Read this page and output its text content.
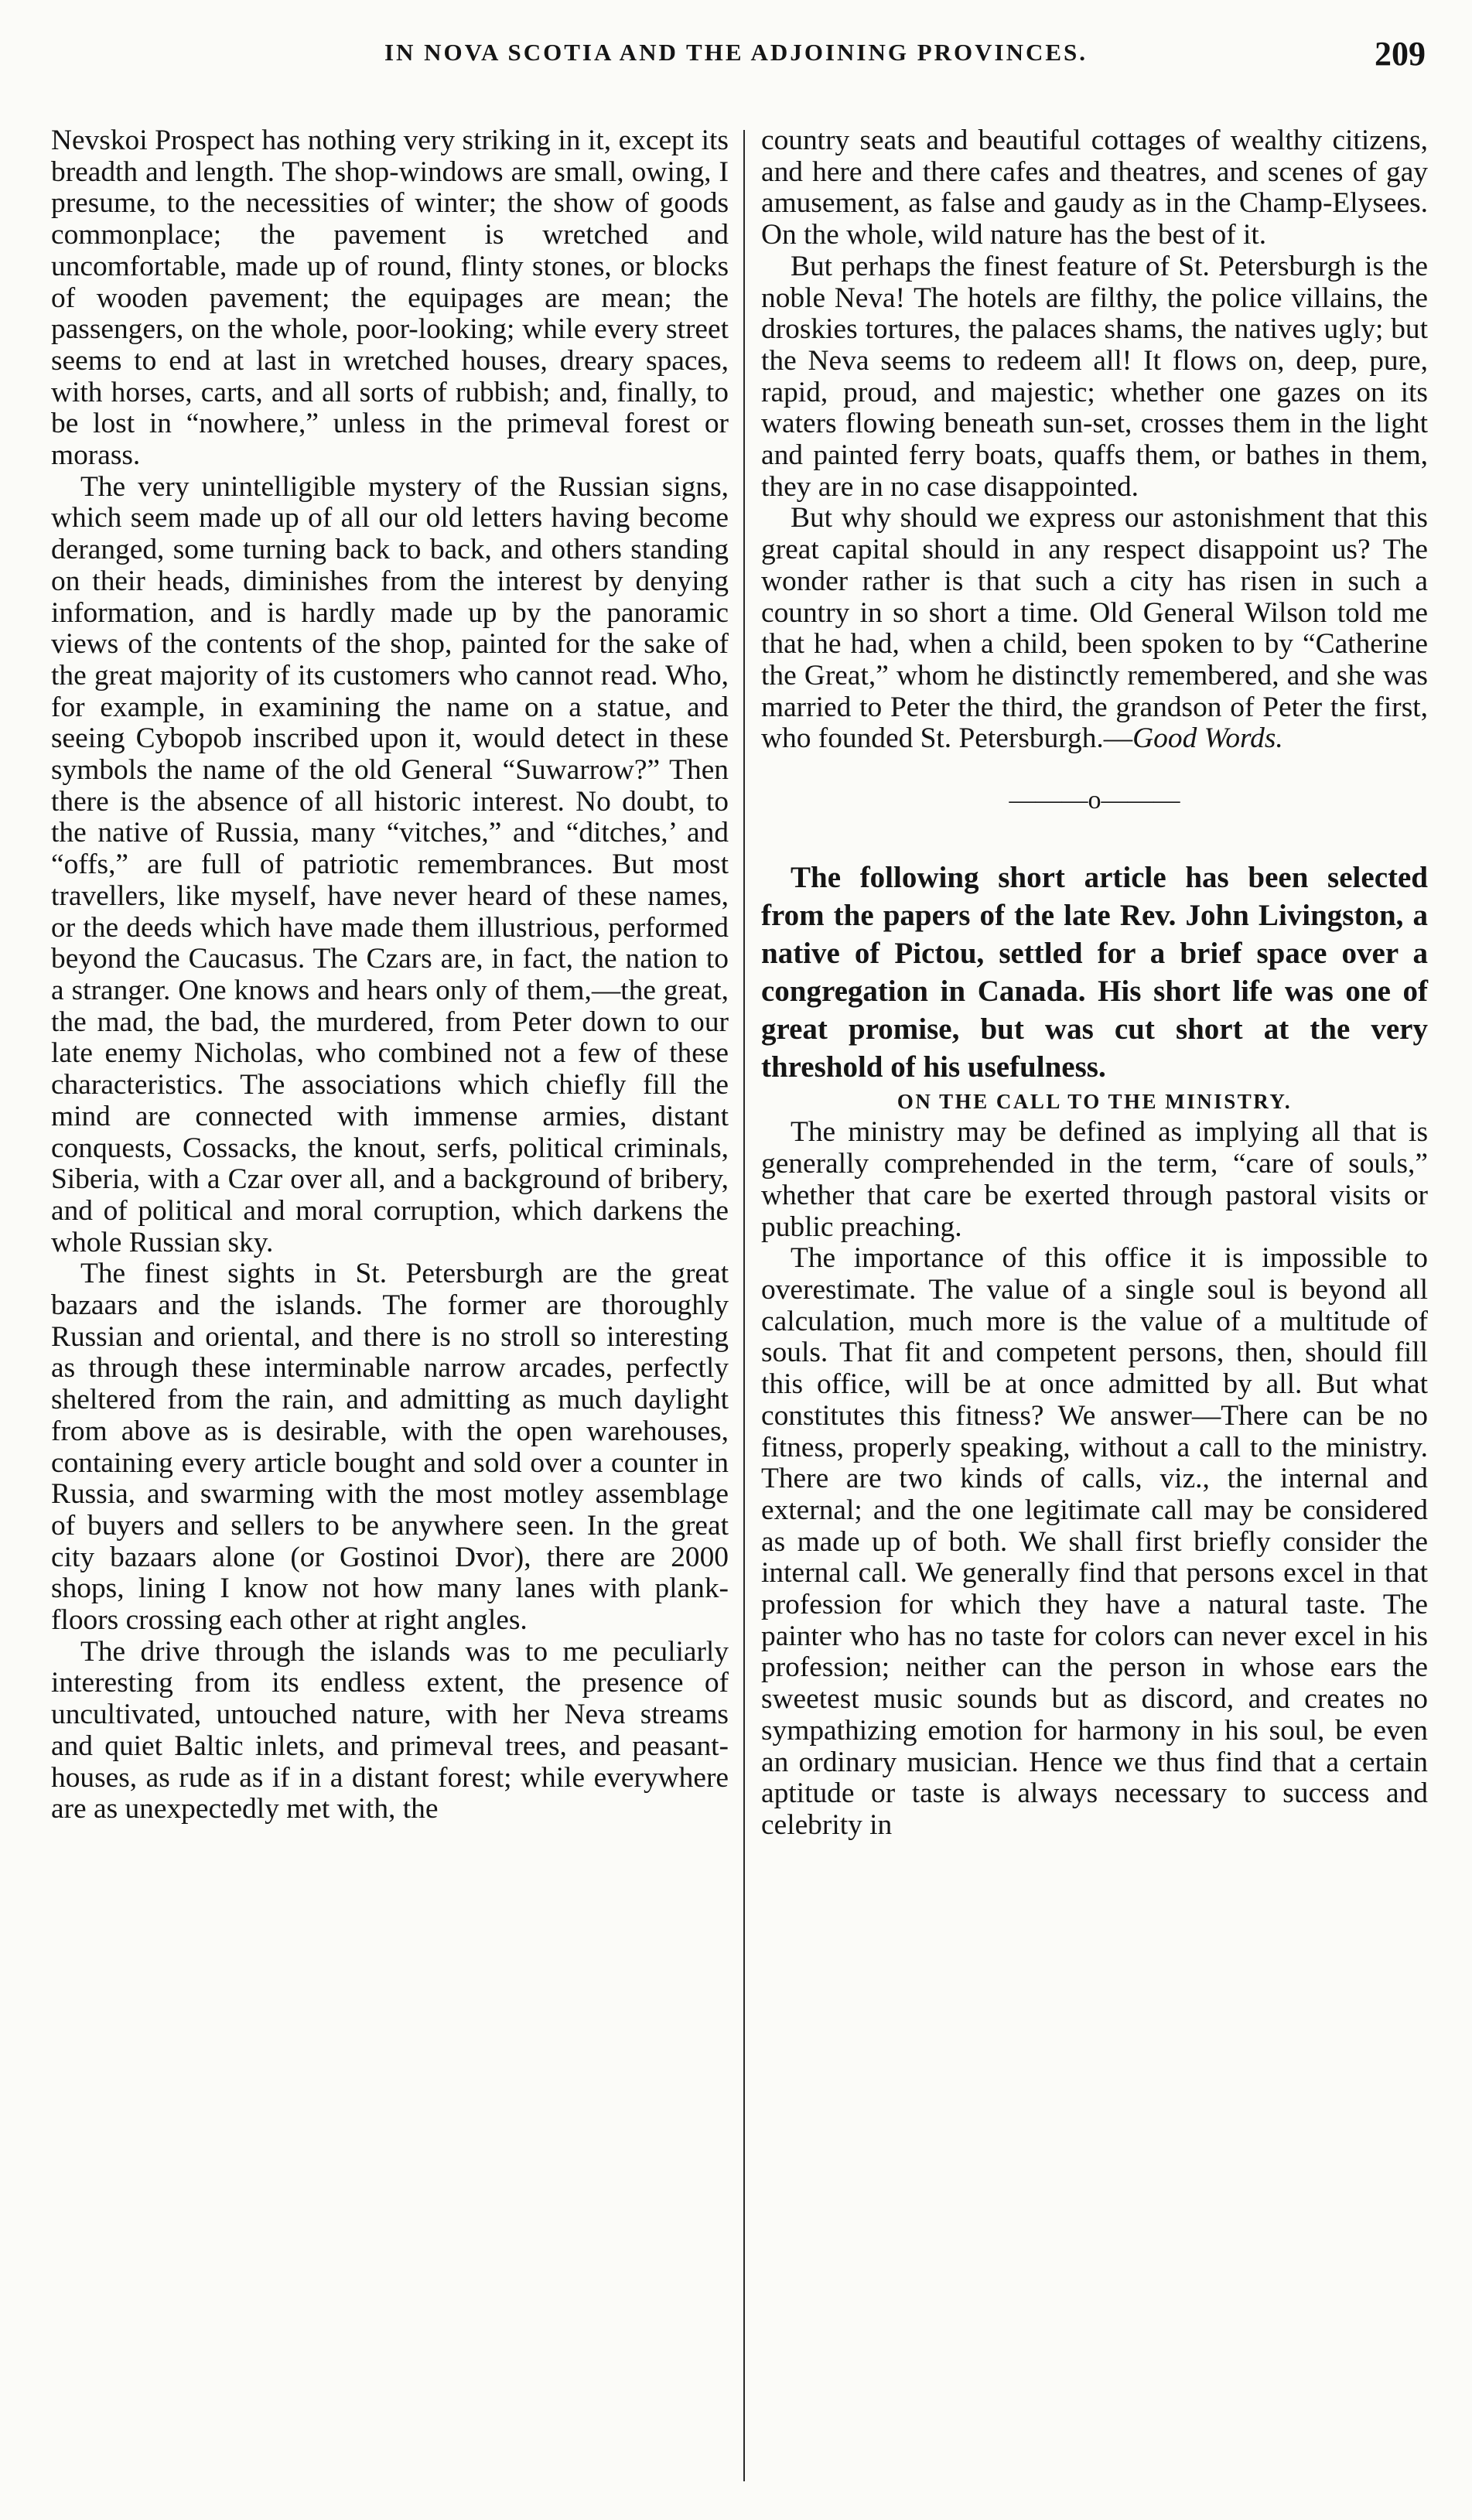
IN NOVA SCOTIA AND THE ADJOINING PROVINCES.	209

Nevskoi Prospect has nothing very striking in it, except its breadth and length. The shop-windows are small, owing, I presume, to the necessities of winter; the show of goods commonplace; the pavement is wretched and uncomfortable, made up of round, flinty stones, or blocks of wooden pavement; the equipages are mean; the passengers, on the whole, poor-looking; while every street seems to end at last in wretched houses, dreary spaces, with horses, carts, and all sorts of rubbish; and, finally, to be lost in “nowhere,” unless in the primeval forest or morass.

The very unintelligible mystery of the Russian signs, which seem made up of all our old letters having become deranged, some turning back to back, and others standing on their heads, diminishes from the interest by denying information, and is hardly made up by the panoramic views of the contents of the shop, painted for the sake of the great majority of its customers who cannot read. Who, for example, in examining the name on a statue, and seeing Cybopob inscribed upon it, would detect in these symbols the name of the old General “Suwarrow?” Then there is the absence of all historic interest. No doubt, to the native of Russia, many “vitches,” and “ditches,’ and “offs,” are full of patriotic remembrances. But most travellers, like myself, have never heard of these names, or the deeds which have made them illustrious, performed beyond the Caucasus. The Czars are, in fact, the nation to a stranger. One knows and hears only of them,—the great, the mad, the bad, the murdered, from Peter down to our late enemy Nicholas, who combined not a few of these characteristics. The associations which chiefly fill the mind are connected with immense armies, distant conquests, Cossacks, the knout, serfs, political criminals, Siberia, with a Czar over all, and a background of bribery, and of political and moral corruption, which darkens the whole Russian sky.

The finest sights in St. Petersburgh are the great bazaars and the islands. The former are thoroughly Russian and oriental, and there is no stroll so interesting as through these interminable narrow arcades, perfectly sheltered from the rain, and admitting as much daylight from above as is desirable, with the open warehouses, containing every article bought and sold over a counter in Russia, and swarming with the most motley assemblage of buyers and sellers to be anywhere seen. In the great city bazaars alone (or Gostinoi Dvor), there are 2000 shops, lining I know not how many lanes with plank-floors crossing each other at right angles.

The drive through the islands was to me peculiarly interesting from its endless extent, the presence of uncultivated, untouched nature, with her Neva streams and quiet Baltic inlets, and primeval trees, and peasant-houses, as rude as if in a distant forest; while everywhere are as unexpectedly met with, the

country seats and beautiful cottages of wealthy citizens, and here and there cafes and theatres, and scenes of gay amusement, as false and gaudy as in the Champ-Elysees. On the whole, wild nature has the best of it.

But perhaps the finest feature of St. Petersburgh is the noble Neva! The hotels are filthy, the police villains, the droskies tortures, the palaces shams, the natives ugly; but the Neva seems to redeem all! It flows on, deep, pure, rapid, proud, and majestic; whether one gazes on its waters flowing beneath sun-set, crosses them in the light and painted ferry boats, quaffs them, or bathes in them, they are in no case disappointed.

But why should we express our astonishment that this great capital should in any respect disappoint us? The wonder rather is that such a city has risen in such a country in so short a time. Old General Wilson told me that he had, when a child, been spoken to by “Catherine the Great,” whom he distinctly remembered, and she was married to Peter the third, the grandson of Peter the first, who founded St. Petersburgh.—Good Words.

———o———

The following short article has been selected from the papers of the late Rev. John Livingston, a native of Pictou, settled for a brief space over a congregation in Canada. His short life was one of great promise, but was cut short at the very threshold of his usefulness.

ON THE CALL TO THE MINISTRY.

The ministry may be defined as implying all that is generally comprehended in the term, “care of souls,” whether that care be exerted through pastoral visits or public preaching.

The importance of this office it is impossible to overestimate. The value of a single soul is beyond all calculation, much more is the value of a multitude of souls. That fit and competent persons, then, should fill this office, will be at once admitted by all. But what constitutes this fitness? We answer—There can be no fitness, properly speaking, without a call to the ministry. There are two kinds of calls, viz., the internal and external; and the one legitimate call may be considered as made up of both. We shall first briefly consider the internal call. We generally find that persons excel in that profession for which they have a natural taste. The painter who has no taste for colors can never excel in his profession; neither can the person in whose ears the sweetest music sounds but as discord, and creates no sympathizing emotion for harmony in his soul, be even an ordinary musician. Hence we thus find that a certain aptitude or taste is always necessary to success and celebrity in
